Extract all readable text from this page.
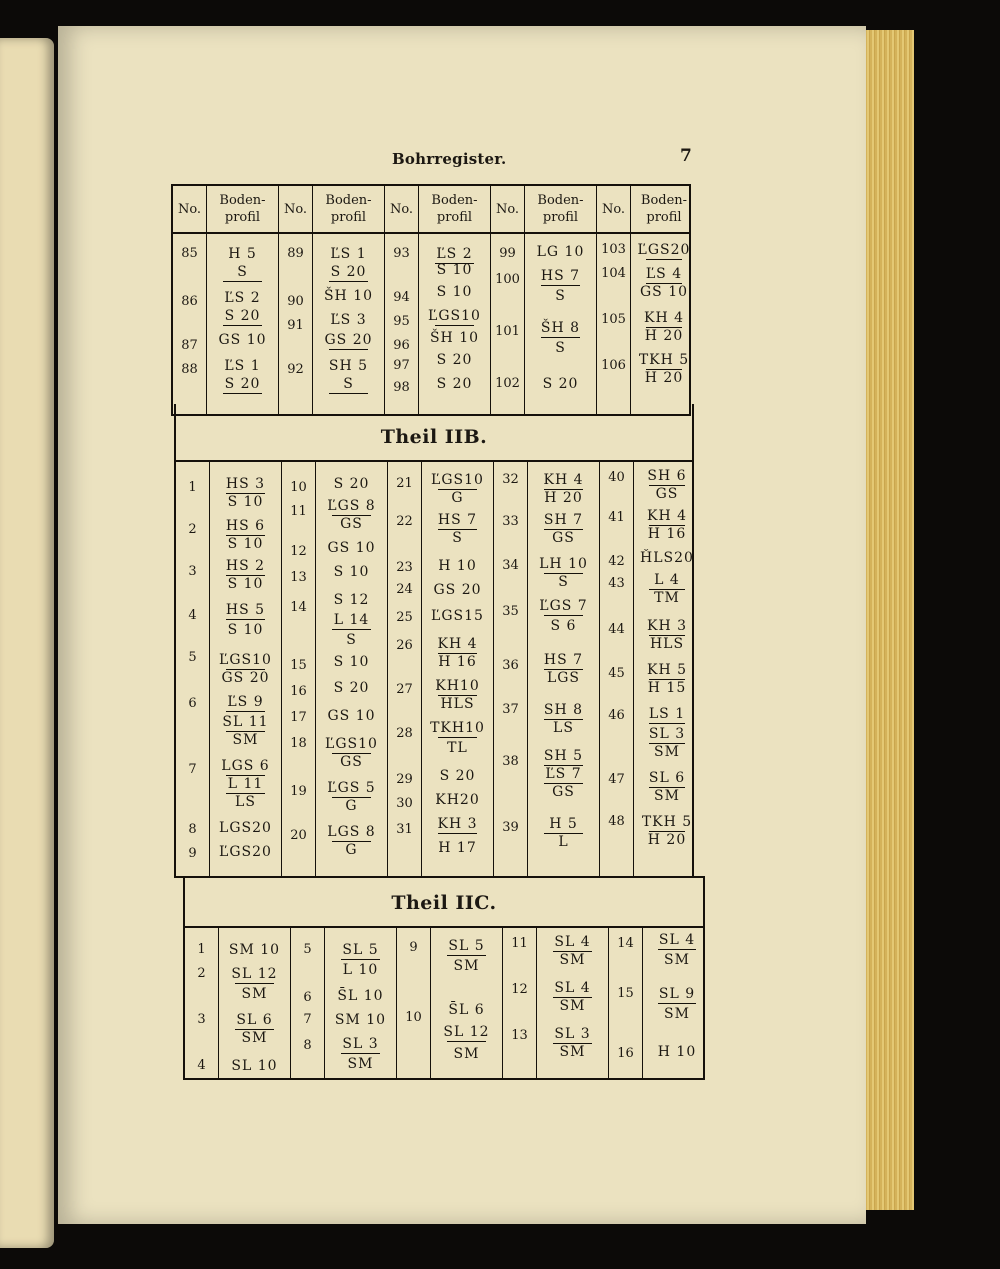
Bohrregister.	7
No.
Boden-
profil
No.
Boden-
profil
No.
Boden-
profil
No.
Boden-
profil
No.
Boden-
profil
85
86
87
88
H 5
S
ĽS 2
S 20
GS 10
ĽS 1
S 20
89
90
91
92
ĽS 1
S 20
ŠH 10
ĽS 3
GS 20
SH 5
S
93
94
95
96
97
98
ĽS 2
S 10
S 10
ĽGS10
ŠH 10
S 20
S 20
99
100
101
102
LG 10
HS 7
S
ŠH 8
S
S 20
103
104
105
106
ĽGS20
ĽS 4
GS 10
KH 4
H 20
TKH 5
H 20
Theil IIB.
1
2
3
4
5
6
7
8
9
HS 3
S 10
HS 6
S 10
HS 2
S 10
HS 5
S 10
ĽGS10
GS 20
ĽS 9
SL 11
SM
LGS 6
L 11
LS
LGS20
ĽGS20
10
11
12
13
14
15
16
17
18
19
20
S 20
ĽGS 8
GS
GS 10
S 10
S 12
L 14
S
S 10
S 20
GS 10
ĽGS10
GS
ĽGS 5
G
LGS 8
G
21
22
23
24
25
26
27
28
29
30
31
ĽGS10
G
HS 7
S
H 10
GS 20
ĽGS15
KH 4
H 16
KH10
HLS
TKH10
TL
S 20
KH20
KH 3
H 17
32
33
34
35
36
37
38
39
KH 4
H 20
SH 7
GS
LH 10
S
ĽGS 7
S 6
HS 7
LGS
SH 8
LS
SH 5
ĽS 7
GS
H 5
L
40
41
42
43
44
45
46
47
48
SH 6
GS
KH 4
H 16
ȞLS20
L 4
TM
KH 3
HLS
KH 5
H 15
LS 1
SL 3
SM
SL 6
SM
TKH 5
H 20
Theil IIC.
1
2
3
4
SM 10
SL 12
SM
SL 6
SM
SL 10
5
6
7
8
SL 5
L 10
S̄L 10
SM 10
SL 3
SM
9
10
SL 5
SM
S̄L 6
SL 12
SM
11
12
13
SL 4
SM
SL 4
SM
SL 3
SM
14
15
16
SL 4
SM
SL 9
SM
H 10
